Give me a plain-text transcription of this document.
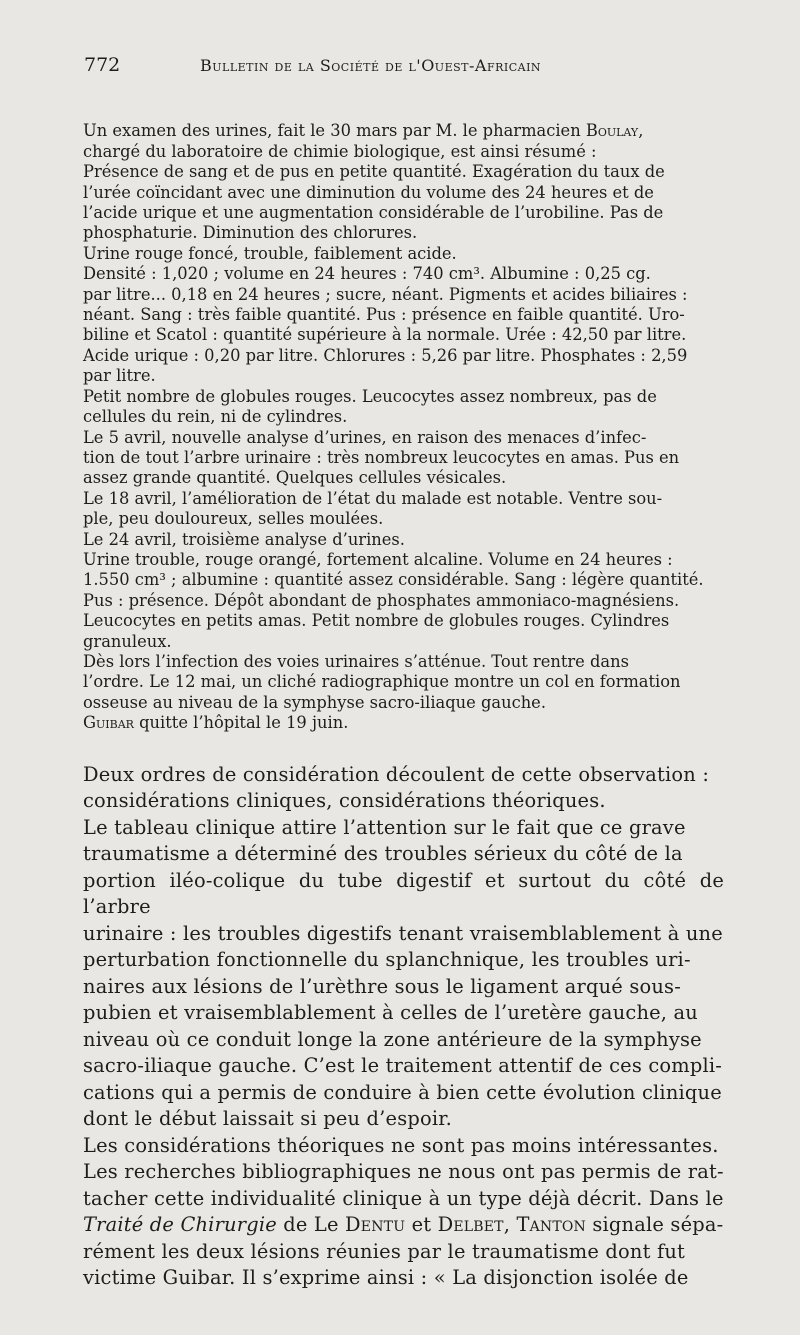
772	Bulletin de la Société de l'Ouest-Africain

Un examen des urines, fait le 30 mars par M. le pharmacien Boulay,
chargé du laboratoire de chimie biologique, est ainsi résumé :
Présence de sang et de pus en petite quantité. Exagération du taux de
l’urée coïncidant avec une diminution du volume des 24 heures et de
l’acide urique et une augmentation considérable de l’urobiline. Pas de
phosphaturie. Diminution des chlorures.
Urine rouge foncé, trouble, faiblement acide.
Densité : 1,020 ; volume en 24 heures : 740 cm³. Albumine : 0,25 cg.
par litre... 0,18 en 24 heures ; sucre, néant. Pigments et acides biliaires :
néant. Sang : très faible quantité. Pus : présence en faible quantité. Uro-
biline et Scatol : quantité supérieure à la normale. Urée : 42,50 par litre.
Acide urique : 0,20 par litre. Chlorures : 5,26 par litre. Phosphates : 2,59
par litre.
Petit nombre de globules rouges. Leucocytes assez nombreux, pas de
cellules du rein, ni de cylindres.
Le 5 avril, nouvelle analyse d’urines, en raison des menaces d’infec-
tion de tout l’arbre urinaire : très nombreux leucocytes en amas. Pus en
assez grande quantité. Quelques cellules vésicales.
Le 18 avril, l’amélioration de l’état du malade est notable. Ventre sou-
ple, peu douloureux, selles moulées.
Le 24 avril, troisième analyse d’urines.
Urine trouble, rouge orangé, fortement alcaline. Volume en 24 heures :
1.550 cm³ ; albumine : quantité assez considérable. Sang : légère quantité.
Pus : présence. Dépôt abondant de phosphates ammoniaco-magnésiens.
Leucocytes en petits amas. Petit nombre de globules rouges. Cylindres
granuleux.
Dès lors l’infection des voies urinaires s’atténue. Tout rentre dans
l’ordre. Le 12 mai, un cliché radiographique montre un col en formation
osseuse au niveau de la symphyse sacro-iliaque gauche.
Guibar quitte l’hôpital le 19 juin.

Deux ordres de considération découlent de cette observation :
considérations cliniques, considérations théoriques.
Le tableau clinique attire l’attention sur le fait que ce grave
traumatisme a déterminé des troubles sérieux du côté de la
portion iléo-colique du tube digestif et surtout du côté de l’arbre
urinaire : les troubles digestifs tenant vraisemblablement à une
perturbation fonctionnelle du splanchnique, les troubles uri-
naires aux lésions de l’urèthre sous le ligament arqué sous-
pubien et vraisemblablement à celles de l’uretère gauche, au
niveau où ce conduit longe la zone antérieure de la symphyse
sacro-iliaque gauche. C’est le traitement attentif de ces compli-
cations qui a permis de conduire à bien cette évolution clinique
dont le début laissait si peu d’espoir.
Les considérations théoriques ne sont pas moins intéressantes.
Les recherches bibliographiques ne nous ont pas permis de rat-
tacher cette individualité clinique à un type déjà décrit. Dans le
Traité de Chirurgie de Le Dentu et Delbet, Tanton signale sépa-
rément les deux lésions réunies par le traumatisme dont fut
victime Guibar. Il s’exprime ainsi : « La disjonction isolée de
